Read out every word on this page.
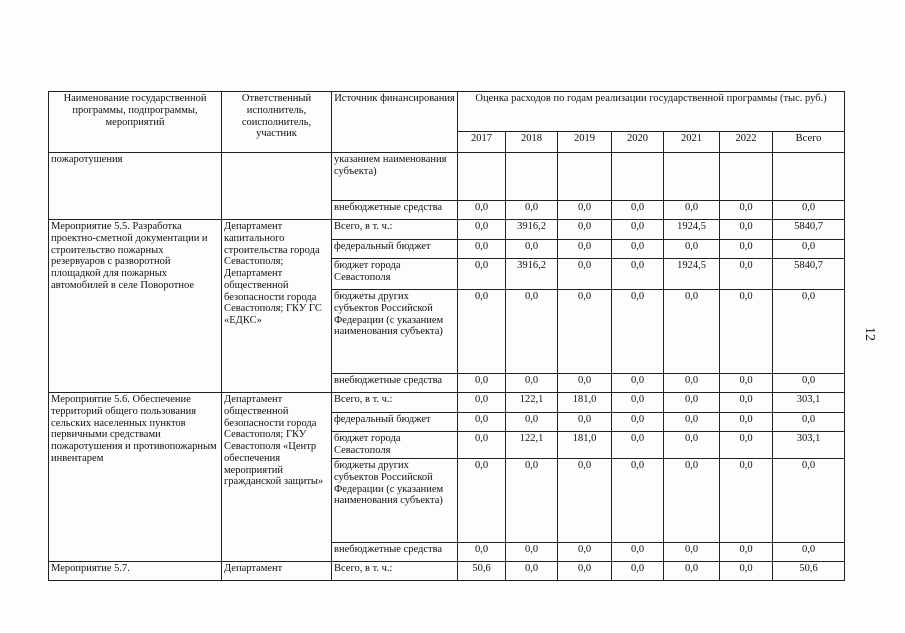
Наименование государственной программы, подпрограммы, мероприятий	Ответственный исполнитель, соисполнитель, участник	Источник финансирования	Оценка расходов по годам реализации государственной программы (тыс. руб.)						
			2017	2018	2019	2020	2021	2022	Всего
пожаротушения		указанием наименования субъекта)							
		внебюджетные средства	0,0	0,0	0,0	0,0	0,0	0,0	0,0
Мероприятие 5.5. Разработка проектно-сметной документации и строительство пожарных резервуаров с разворотной площадкой для пожарных автомобилей в селе Поворотное	Департамент капитального строительства города Севастополя; Департамент общественной безопасности города Севастополя; ГКУ ГС «ЕДКС»	Всего, в т. ч.:	0,0	3916,2	0,0	0,0	1924,5	0,0	5840,7
		федеральный бюджет	0,0	0,0	0,0	0,0	0,0	0,0	0,0
		бюджет города Севастополя	0,0	3916,2	0,0	0,0	1924,5	0,0	5840,7
		бюджеты других субъектов Российской Федерации (с указанием наименования субъекта)	0,0	0,0	0,0	0,0	0,0	0,0	0,0
		внебюджетные средства	0,0	0,0	0,0	0,0	0,0	0,0	0,0
Мероприятие 5.6. Обеспечение территорий общего пользования сельских населенных пунктов первичными средствами пожаротушения и противопожарным инвентарем	Департамент общественной безопасности города Севастополя; ГКУ Севастополя «Центр обеспечения мероприятий гражданской защиты»	Всего, в т. ч.:	0,0	122,1	181,0	0,0	0,0	0,0	303,1
		федеральный бюджет	0,0	0,0	0,0	0,0	0,0	0,0	0,0
		бюджет города Севастополя	0,0	122,1	181,0	0,0	0,0	0,0	303,1
		бюджеты других субъектов Российской Федерации (с указанием наименования субъекта)	0,0	0,0	0,0	0,0	0,0	0,0	0,0
		внебюджетные средства	0,0	0,0	0,0	0,0	0,0	0,0	0,0
Мероприятие 5.7.	Департамент	Всего, в т. ч.:	50,6	0,0	0,0	0,0	0,0	0,0	50,6
12
